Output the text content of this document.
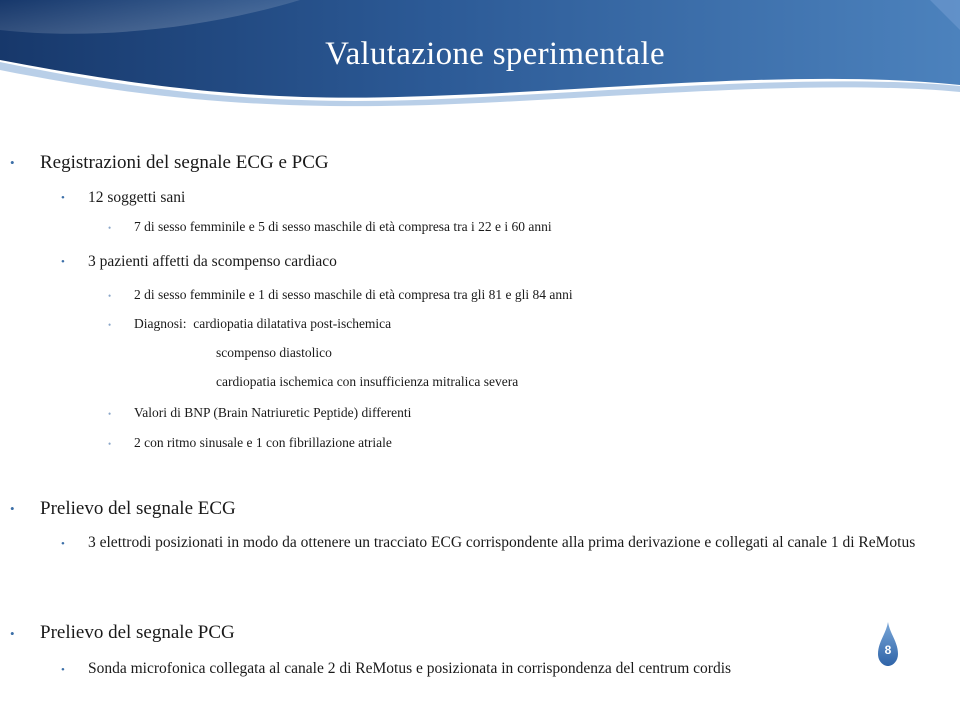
Valutazione sperimentale
• Registrazioni del segnale ECG e PCG
• 12 soggetti sani
• 7 di sesso femminile e 5 di sesso maschile di età compresa tra i 22 e i 60 anni
• 3 pazienti affetti da scompenso cardiaco
• 2 di sesso femminile e 1 di sesso maschile di età compresa tra gli 81 e gli 84 anni
• Diagnosi:  cardiopatia dilatativa post-ischemica
scompenso diastolico
cardiopatia ischemica con insufficienza mitralica severa
• Valori di BNP (Brain Natriuretic Peptide) differenti
• 2 con ritmo sinusale e 1 con fibrillazione atriale
• Prelievo del segnale ECG
• 3 elettrodi posizionati in modo da ottenere un tracciato ECG corrispondente alla prima derivazione e collegati al canale 1 di ReMotus
• Prelievo del segnale PCG
• Sonda microfonica collegata al canale 2 di ReMotus e posizionata in corrispondenza del centrum cordis
8
